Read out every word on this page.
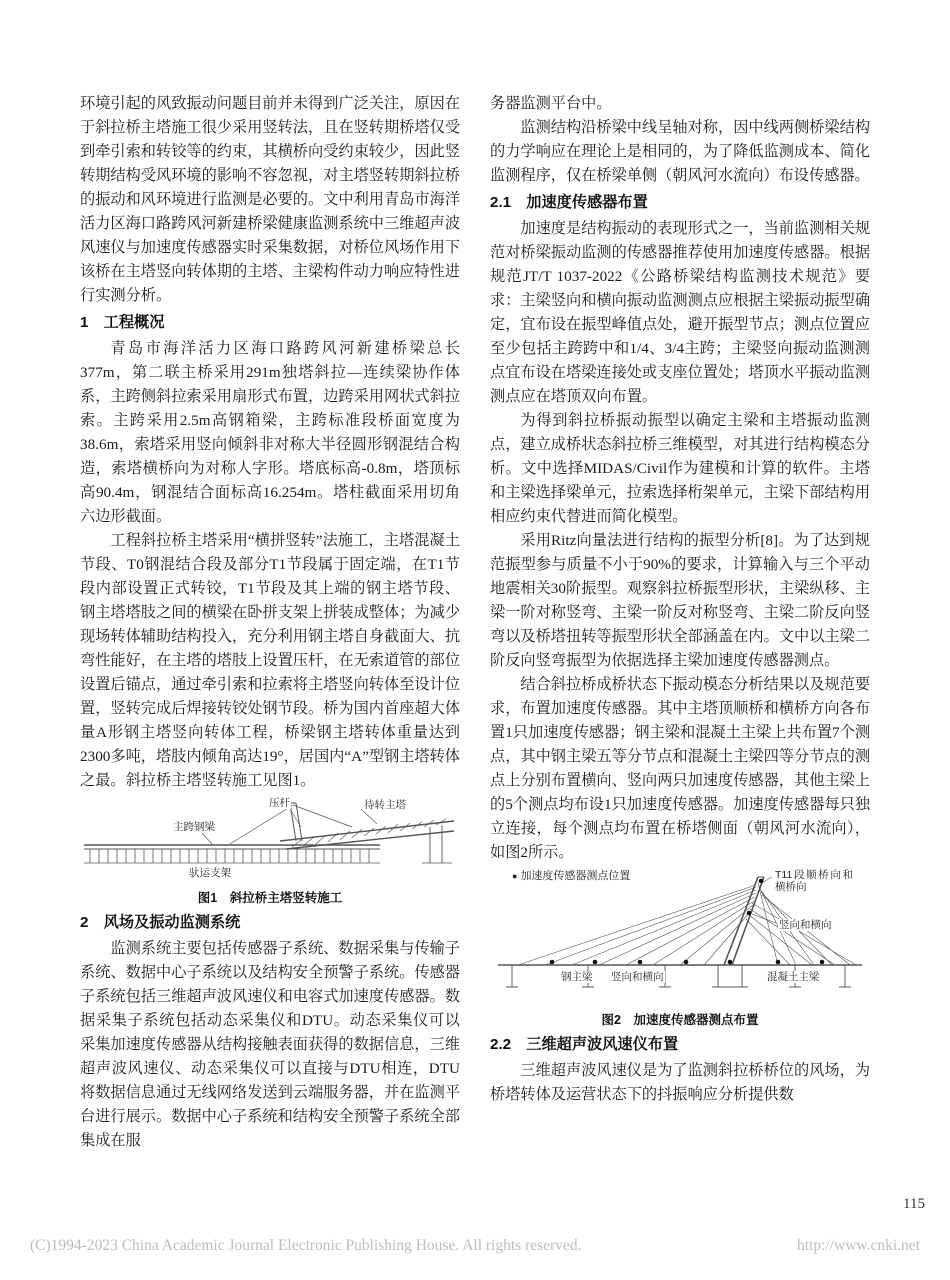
环境引起的风致振动问题目前并未得到广泛关注，原因在于斜拉桥主塔施工很少采用竖转法，且在竖转期桥塔仅受到牵引索和转铰等的约束，其横桥向受约束较少，因此竖转期结构受风环境的影响不容忽视，对主塔竖转期斜拉桥的振动和风环境进行监测是必要的。文中利用青岛市海洋活力区海口路跨风河新建桥梁健康监测系统中三维超声波风速仪与加速度传感器实时采集数据，对桥位风场作用下该桥在主塔竖向转体期的主塔、主梁构件动力响应特性进行实测分析。

1　工程概况

青岛市海洋活力区海口路跨风河新建桥梁总长377m，第二联主桥采用291m独塔斜拉—连续梁协作体系，主跨侧斜拉索采用扇形式布置，边跨采用网状式斜拉索。主跨采用2.5m高钢箱梁，主跨标准段桥面宽度为38.6m，索塔采用竖向倾斜非对称大半径圆形钢混结合构造，索塔横桥向为对称人字形。塔底标高-0.8m，塔顶标高90.4m，钢混结合面标高16.254m。塔柱截面采用切角六边形截面。

工程斜拉桥主塔采用“横拼竖转”法施工，主塔混凝土节段、T0钢混结合段及部分T1节段属于固定端，在T1节段内部设置正式转铰，T1节段及其上端的钢主塔节段、钢主塔塔肢之间的横梁在卧拼支架上拼装成整体；为减少现场转体辅助结构投入，充分利用钢主塔自身截面大、抗弯性能好，在主塔的塔肢上设置压杆，在无索道管的部位设置后锚点，通过牵引索和拉索将主塔竖向转体至设计位置，竖转完成后焊接转铰处钢节段。桥为国内首座超大体量A形钢主塔竖向转体工程，桥梁钢主塔转体重量达到2300多吨，塔肢内倾角高达19°，居国内“A”型钢主塔转体之最。斜拉桥主塔竖转施工见图1。

压杆	待转主塔
主跨钢梁
驮运支架
图1　斜拉桥主塔竖转施工
2　风场及振动监测系统

监测系统主要包括传感器子系统、数据采集与传输子系统、数据中心子系统以及结构安全预警子系统。传感器子系统包括三维超声波风速仪和电容式加速度传感器。数据采集子系统包括动态采集仪和DTU。动态采集仪可以采集加速度传感器从结构接触表面获得的数据信息，三维超声波风速仪、动态采集仪可以直接与DTU相连，DTU将数据信息通过无线网络发送到云端服务器，并在监测平台进行展示。数据中心子系统和结构安全预警子系统全部集成在服

务器监测平台中。

监测结构沿桥梁中线呈轴对称，因中线两侧桥梁结构的力学响应在理论上是相同的，为了降低监测成本、简化监测程序，仅在桥梁单侧（朝风河水流向）布设传感器。

2.1　加速度传感器布置

加速度是结构振动的表现形式之一，当前监测相关规范对桥梁振动监测的传感器推荐使用加速度传感器。根据规范JT/T 1037-2022《公路桥梁结构监测技术规范》要求：主梁竖向和横向振动监测测点应根据主梁振动振型确定，宜布设在振型峰值点处，避开振型节点；测点位置应至少包括主跨跨中和1/4、3/4主跨；主梁竖向振动监测测点宜布设在塔梁连接处或支座位置处；塔顶水平振动监测测点应在塔顶双向布置。

为得到斜拉桥振动振型以确定主梁和主塔振动监测点，建立成桥状态斜拉桥三维模型，对其进行结构模态分析。文中选择MIDAS/Civil作为建模和计算的软件。主塔和主梁选择梁单元，拉索选择桁架单元，主梁下部结构用相应约束代替进而简化模型。

采用Ritz向量法进行结构的振型分析[8]。为了达到规范振型参与质量不小于90%的要求，计算输入与三个平动地震相关30阶振型。观察斜拉桥振型形状，主梁纵移、主梁一阶对称竖弯、主梁一阶反对称竖弯、主梁二阶反向竖弯以及桥塔扭转等振型形状全部涵盖在内。文中以主梁二阶反向竖弯振型为依据选择主梁加速度传感器测点。

结合斜拉桥成桥状态下振动模态分析结果以及规范要求，布置加速度传感器。其中主塔顶顺桥和横桥方向各布置1只加速度传感器；钢主梁和混凝土主梁上共布置7个测点，其中钢主梁五等分节点和混凝土主梁四等分节点的测点上分别布置横向、竖向两只加速度传感器，其他主梁上的5个测点均布设1只加速度传感器。加速度传感器每只独立连接，每个测点均布置在桥塔侧面（朝风河水流向），如图2所示。

● 加速度传感器测点位置	T11段顺桥向和横桥向
竖向和横向
钢主梁 竖向和横向	混凝土主梁
图2　加速度传感器测点布置
2.2　三维超声波风速仪布置

三维超声波风速仪是为了监测斜拉桥桥位的风场，为桥塔转体及运营状态下的抖振响应分析提供数

115
(C)1994-2023 China Academic Journal Electronic Publishing House. All rights reserved.	http://www.cnki.net
